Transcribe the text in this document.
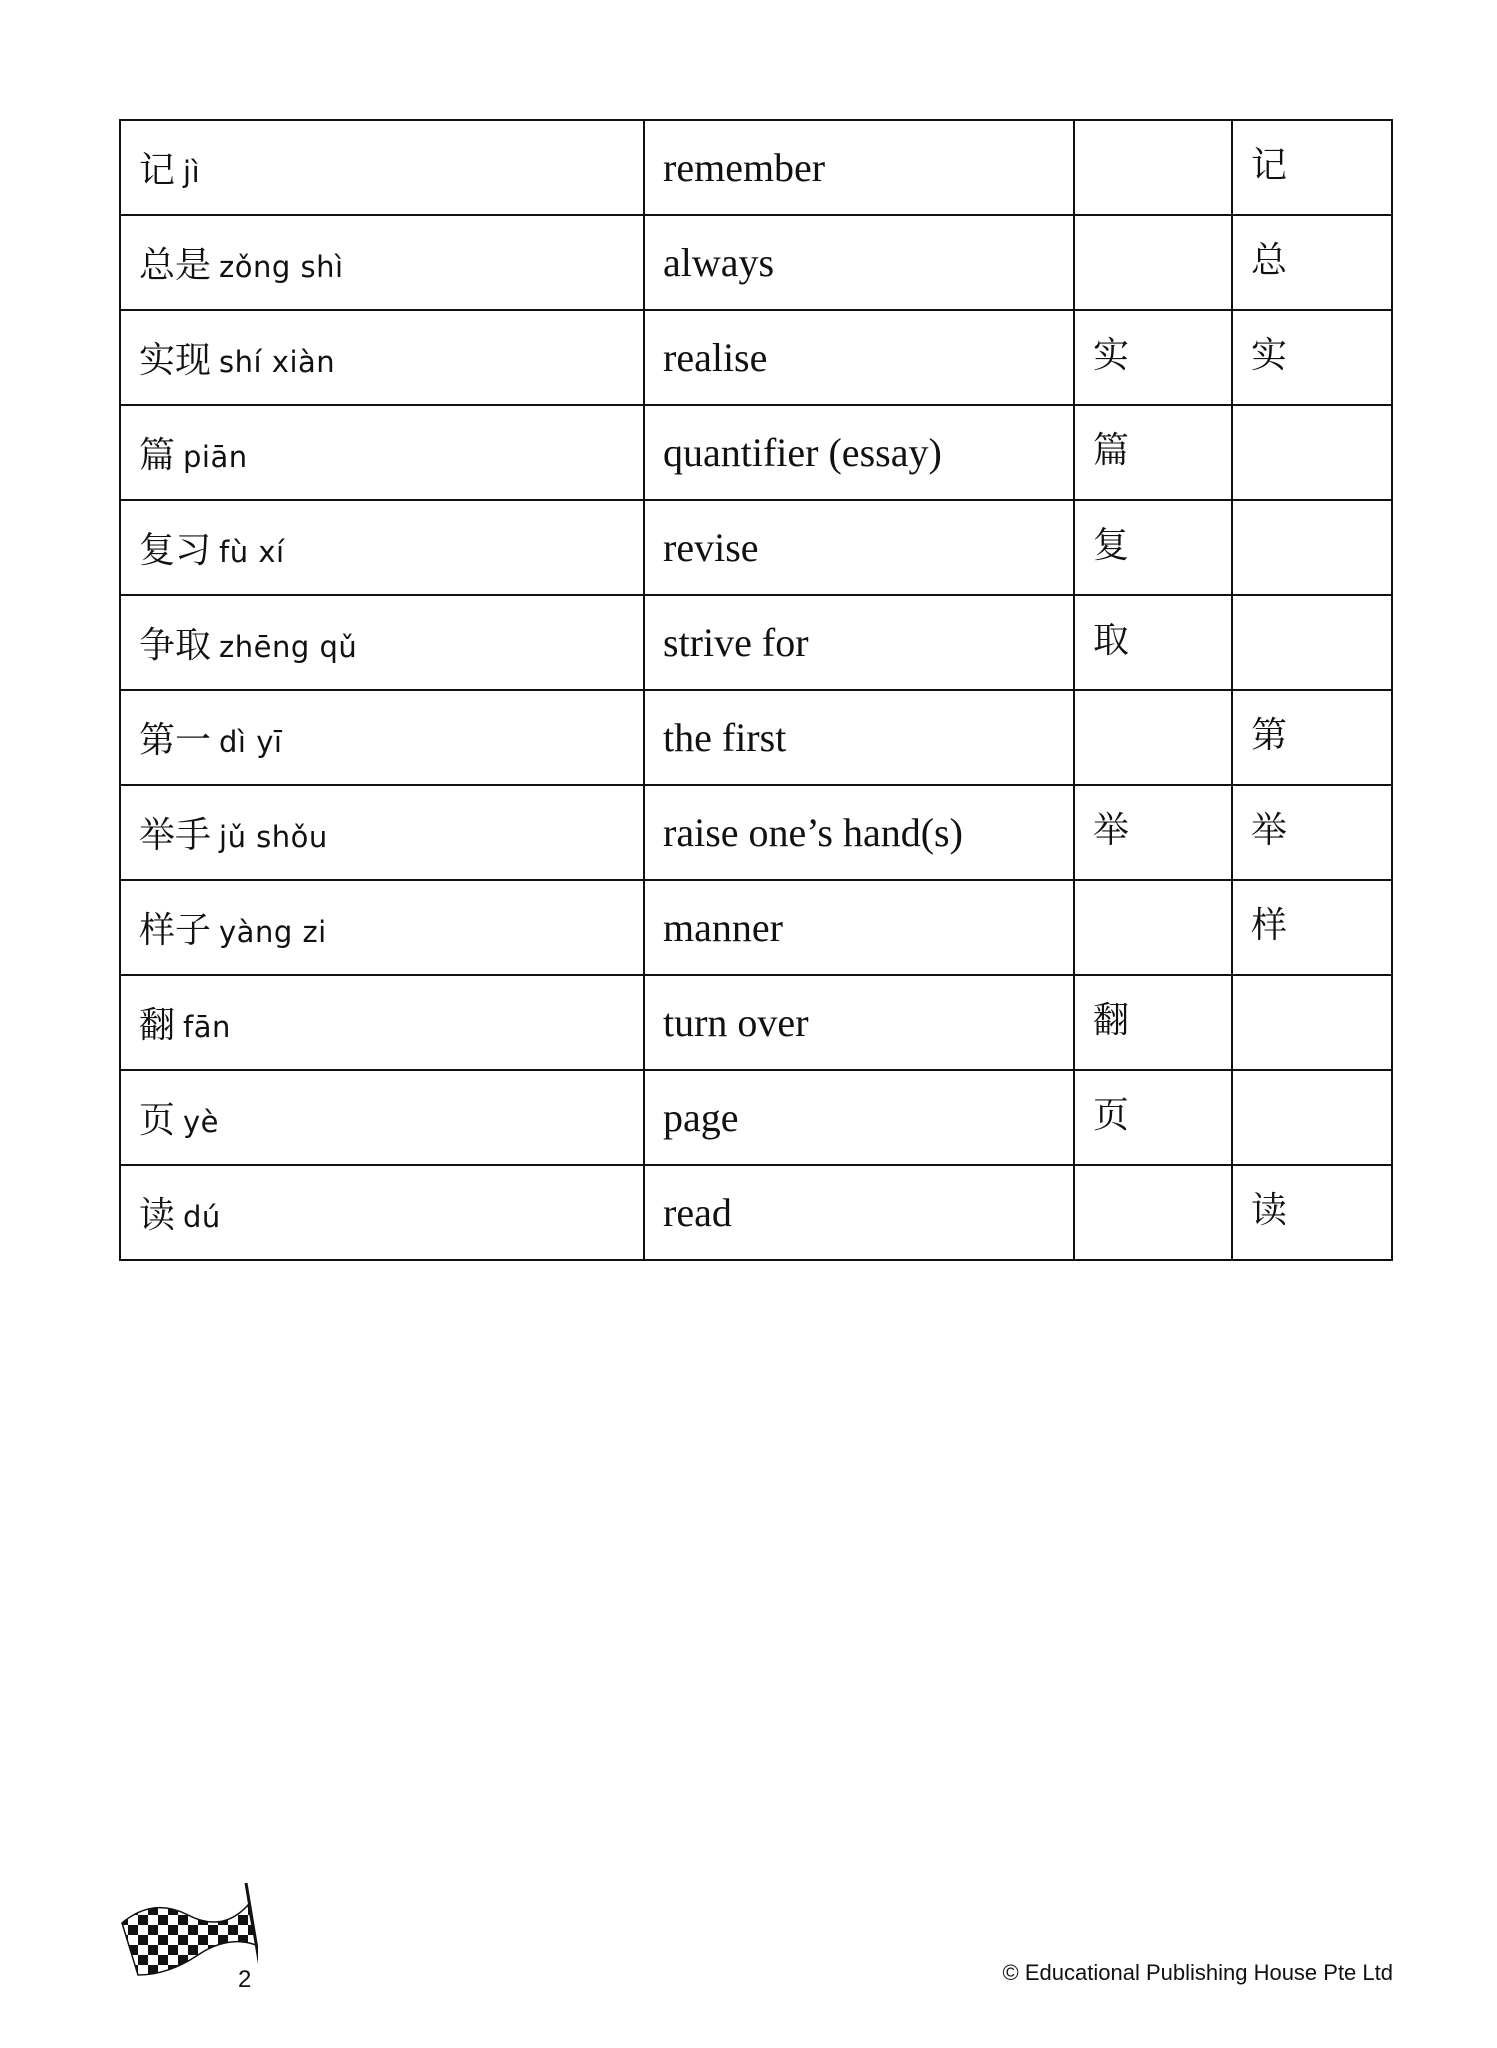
记 jì	remember		记

总是 zǒng shì	always		总

实现 shí xiàn	realise	实	实

篇 piān	quantifier (essay)	篇	

复习 fù xí	revise	复	

争取 zhēng qǔ	strive for	取	

第一 dì yī	the first		第

举手 jǔ shǒu	raise one’s hand(s)	举	举

样子 yàng zi	manner		样

翻 fān	turn over	翻	

页 yè	page	页	

读 dú	read		读
2	© Educational Publishing House Pte Ltd
